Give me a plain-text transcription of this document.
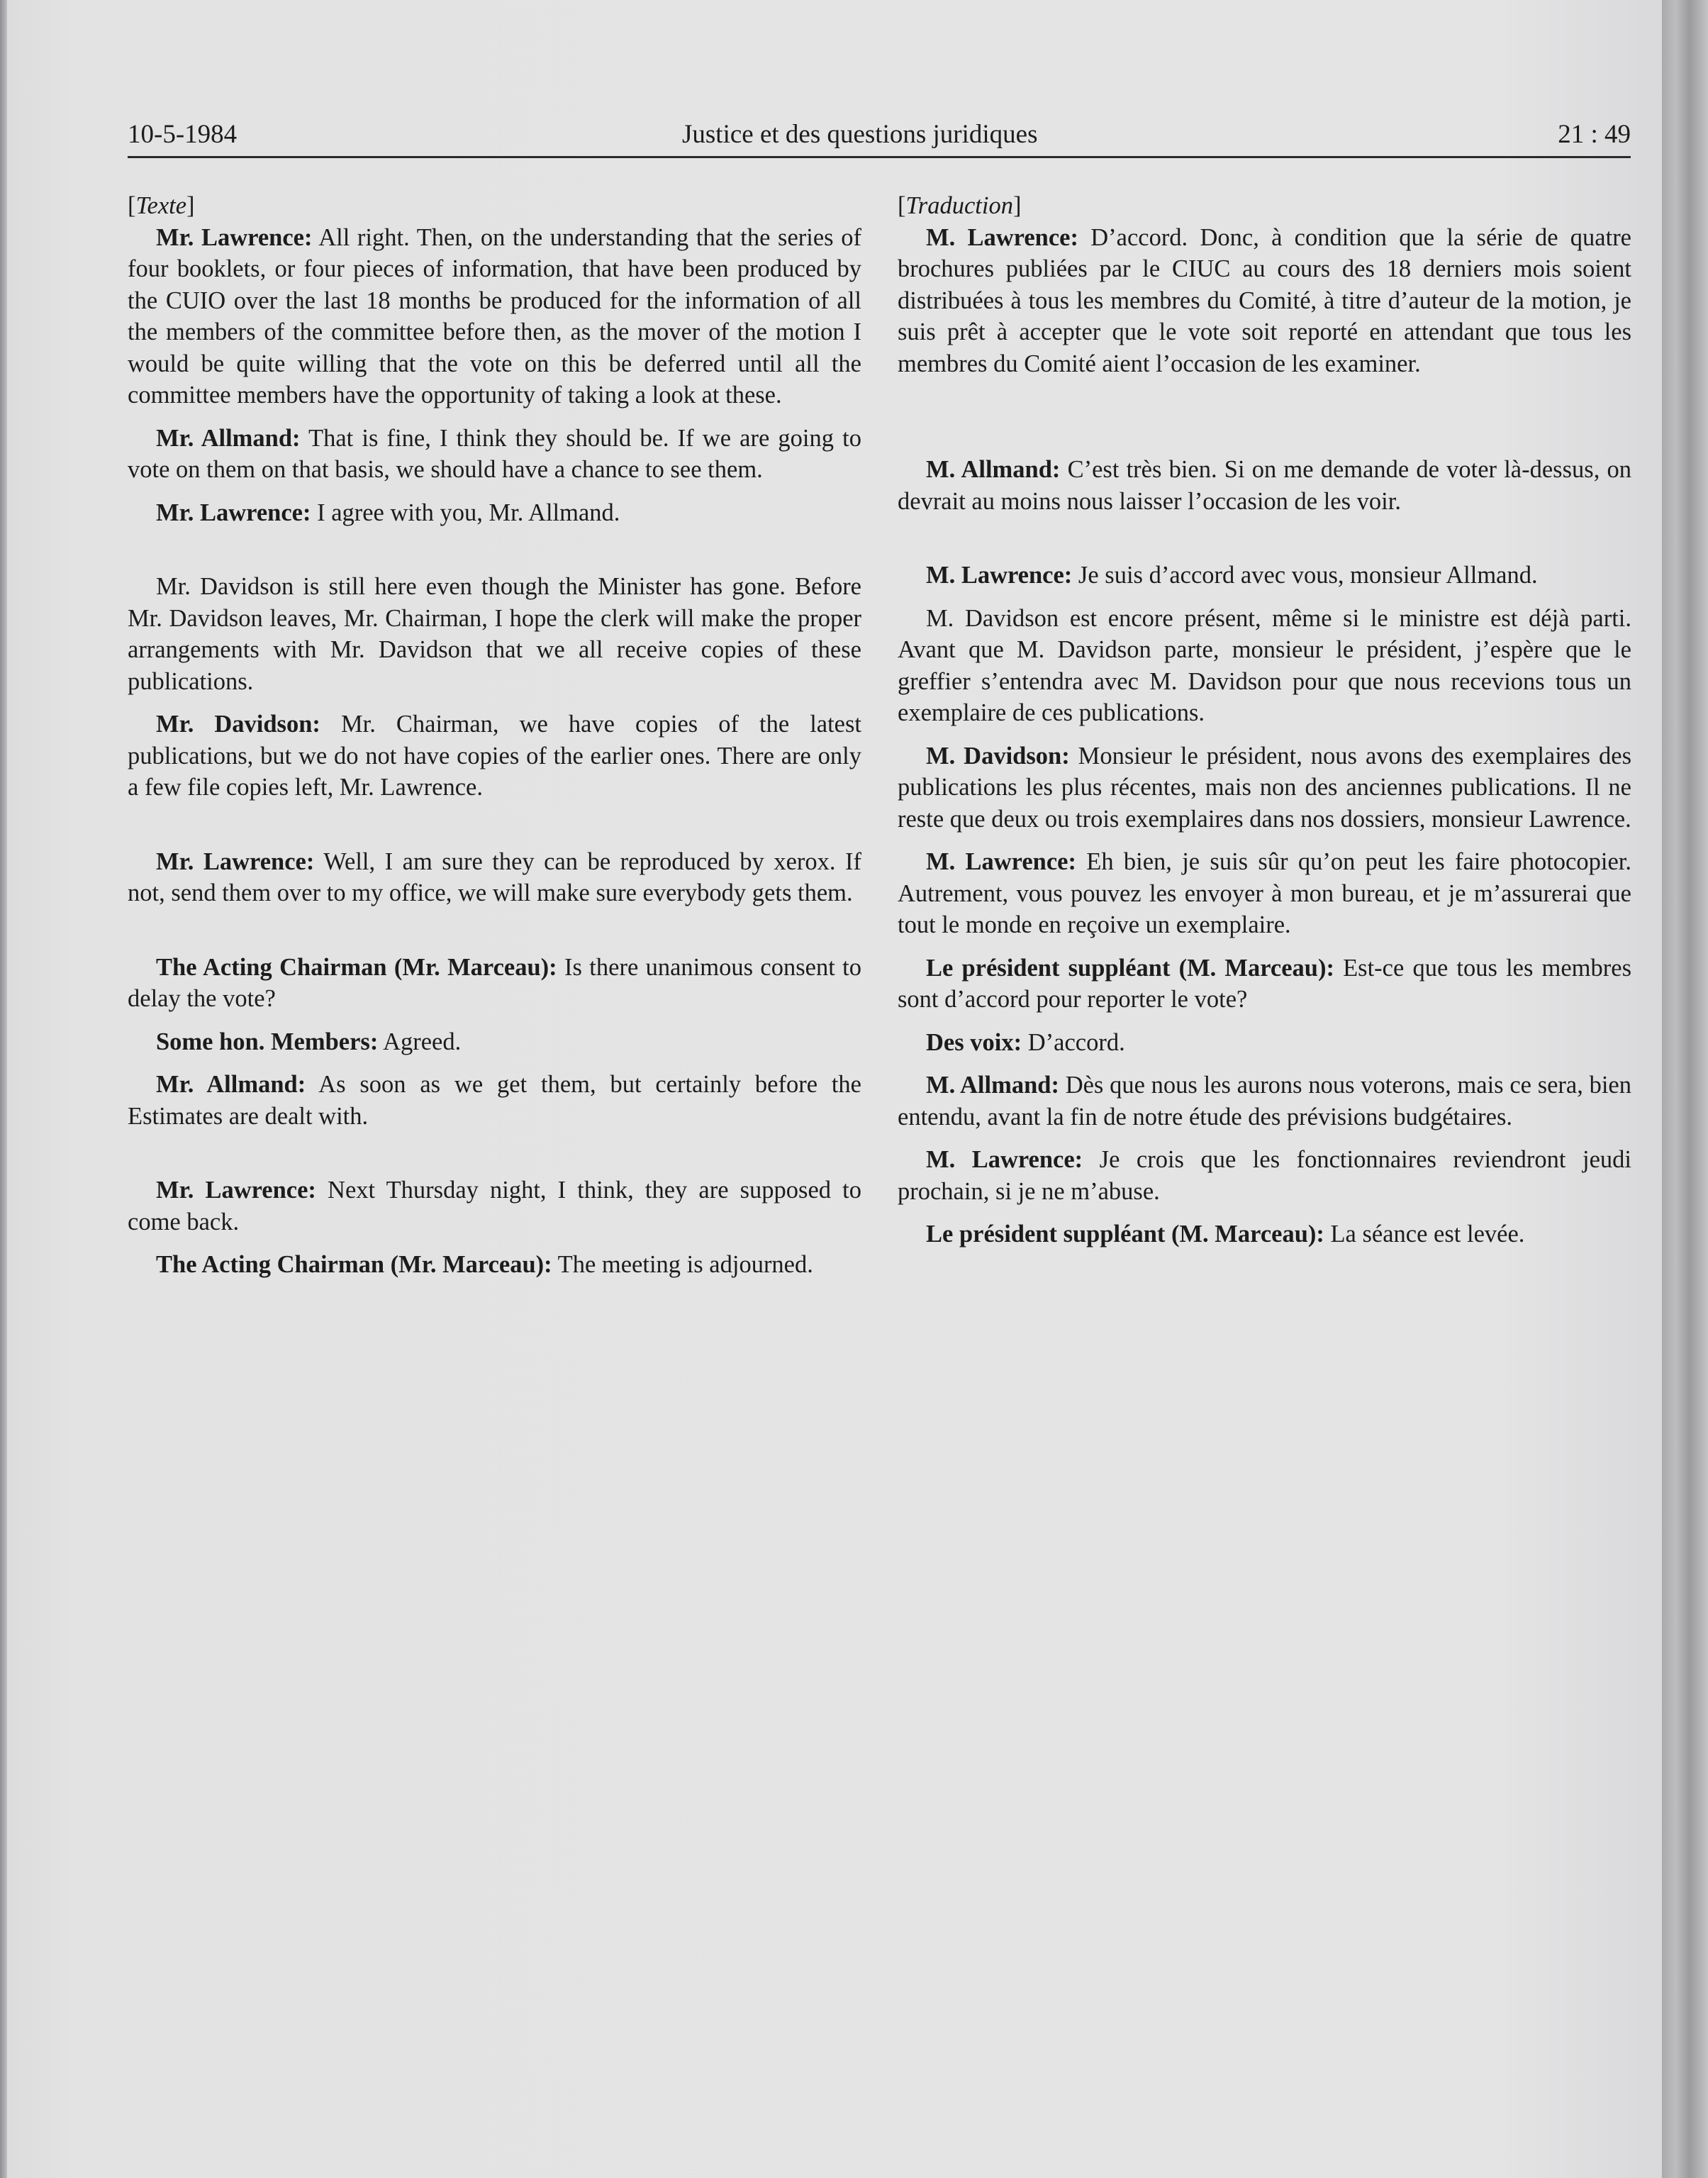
10-5-1984	Justice et des questions juridiques	21 : 49

[ Texte ]

Mr. Lawrence: All right. Then, on the understanding that the series of four booklets, or four pieces of information, that have been produced by the CUIO over the last 18 months be produced for the information of all the members of the committee before then, as the mover of the motion I would be quite willing that the vote on this be deferred until all the committee members have the opportunity of taking a look at these.

Mr. Allmand: That is fine, I think they should be. If we are going to vote on them on that basis, we should have a chance to see them.

Mr. Lawrence: I agree with you, Mr. Allmand.

Mr. Davidson is still here even though the Minister has gone. Before Mr. Davidson leaves, Mr. Chairman, I hope the clerk will make the proper arrangements with Mr. Davidson that we all receive copies of these publications.

Mr. Davidson: Mr. Chairman, we have copies of the latest publications, but we do not have copies of the earlier ones. There are only a few file copies left, Mr. Lawrence.

Mr. Lawrence: Well, I am sure they can be reproduced by xerox. If not, send them over to my office, we will make sure everybody gets them.

The Acting Chairman (Mr. Marceau): Is there unanimous consent to delay the vote?

Some hon. Members: Agreed.

Mr. Allmand: As soon as we get them, but certainly before the Estimates are dealt with.

Mr. Lawrence: Next Thursday night, I think, they are supposed to come back.

The Acting Chairman (Mr. Marceau): The meeting is adjourned.

[ Traduction ]

M. Lawrence: D’accord. Donc, à condition que la série de quatre brochures publiées par le CIUC au cours des 18 derniers mois soient distribuées à tous les membres du Comité, à titre d’auteur de la motion, je suis prêt à accepter que le vote soit reporté en attendant que tous les membres du Comité aient l’occasion de les examiner.

M. Allmand: C’est très bien. Si on me demande de voter là-dessus, on devrait au moins nous laisser l’occasion de les voir.

M. Lawrence: Je suis d’accord avec vous, monsieur Allmand.

M. Davidson est encore présent, même si le ministre est déjà parti. Avant que M. Davidson parte, monsieur le président, j’espère que le greffier s’entendra avec M. Davidson pour que nous recevions tous un exemplaire de ces publications.

M. Davidson: Monsieur le président, nous avons des exemplaires des publications les plus récentes, mais non des anciennes publications. Il ne reste que deux ou trois exemplaires dans nos dossiers, monsieur Lawrence.

M. Lawrence: Eh bien, je suis sûr qu’on peut les faire photocopier. Autrement, vous pouvez les envoyer à mon bureau, et je m’assurerai que tout le monde en reçoive un exemplaire.

Le président suppléant (M. Marceau): Est-ce que tous les membres sont d’accord pour reporter le vote?

Des voix: D’accord.

M. Allmand: Dès que nous les aurons nous voterons, mais ce sera, bien entendu, avant la fin de notre étude des prévisions budgétaires.

M. Lawrence: Je crois que les fonctionnaires reviendront jeudi prochain, si je ne m’abuse.

Le président suppléant (M. Marceau): La séance est levée.
